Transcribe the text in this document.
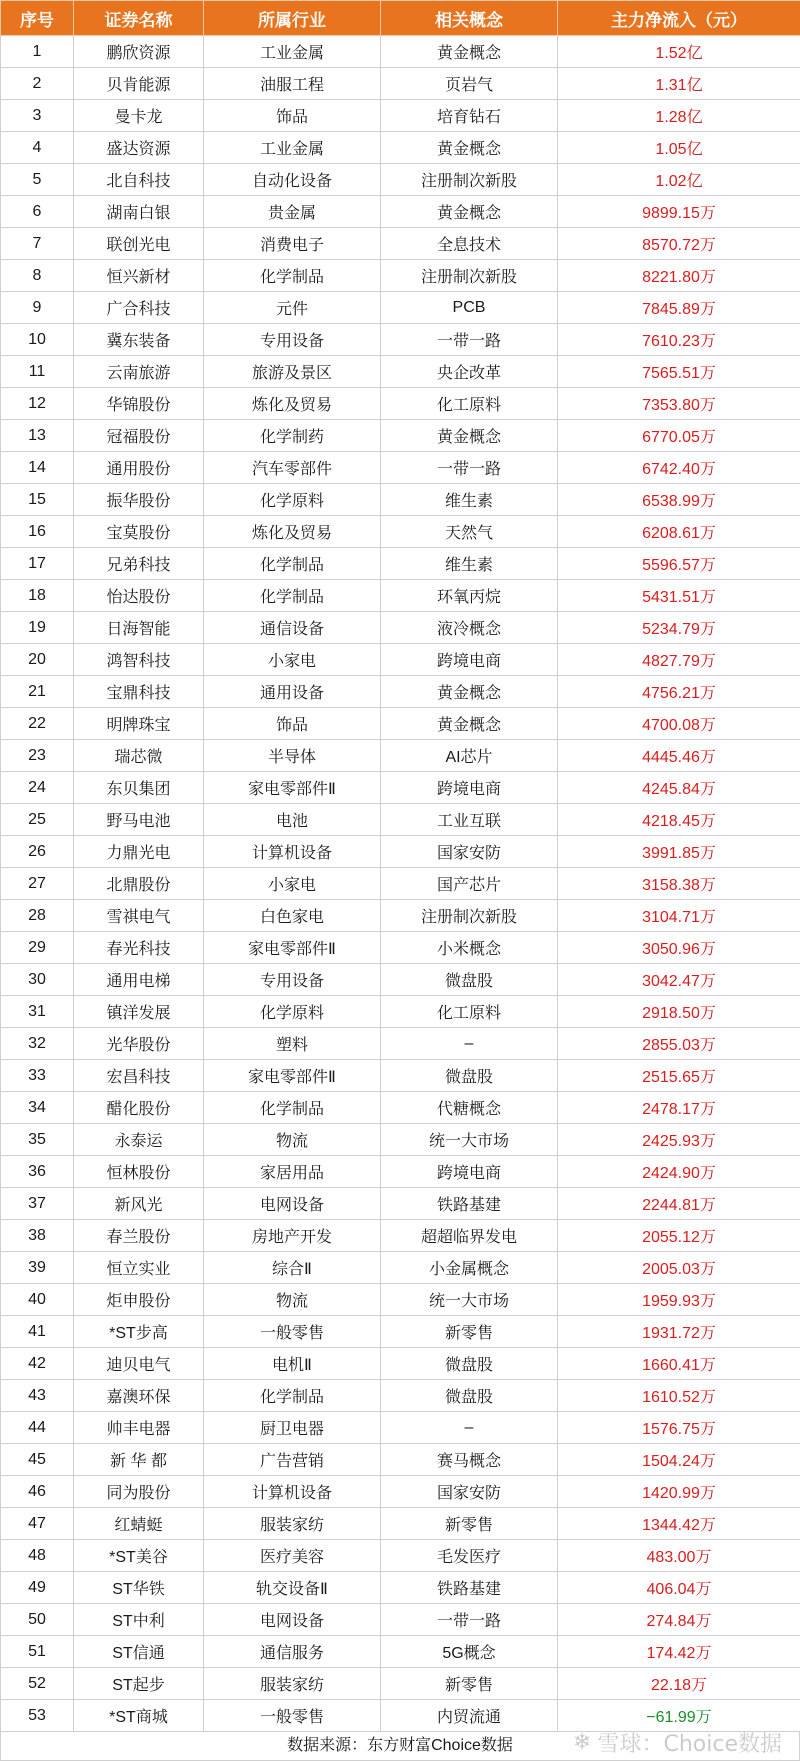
序号	证券名称	所属行业	相关概念	主力净流入（元）
1	鹏欣资源	工业金属	黄金概念	1.52亿
2	贝肯能源	油服工程	页岩气	1.31亿
3	曼卡龙	饰品	培育钻石	1.28亿
4	盛达资源	工业金属	黄金概念	1.05亿
5	北自科技	自动化设备	注册制次新股	1.02亿
6	湖南白银	贵金属	黄金概念	9899.15万
7	联创光电	消费电子	全息技术	8570.72万
8	恒兴新材	化学制品	注册制次新股	8221.80万
9	广合科技	元件	PCB	7845.89万
10	冀东装备	专用设备	一带一路	7610.23万
11	云南旅游	旅游及景区	央企改革	7565.51万
12	华锦股份	炼化及贸易	化工原料	7353.80万
13	冠福股份	化学制药	黄金概念	6770.05万
14	通用股份	汽车零部件	一带一路	6742.40万
15	振华股份	化学原料	维生素	6538.99万
16	宝莫股份	炼化及贸易	天然气	6208.61万
17	兄弟科技	化学制品	维生素	5596.57万
18	怡达股份	化学制品	环氧丙烷	5431.51万
19	日海智能	通信设备	液冷概念	5234.79万
20	鸿智科技	小家电	跨境电商	4827.79万
21	宝鼎科技	通用设备	黄金概念	4756.21万
22	明牌珠宝	饰品	黄金概念	4700.08万
23	瑞芯微	半导体	AI芯片	4445.46万
24	东贝集团	家电零部件Ⅱ	跨境电商	4245.84万
25	野马电池	电池	工业互联	4218.45万
26	力鼎光电	计算机设备	国家安防	3991.85万
27	北鼎股份	小家电	国产芯片	3158.38万
28	雪祺电气	白色家电	注册制次新股	3104.71万
29	春光科技	家电零部件Ⅱ	小米概念	3050.96万
30	通用电梯	专用设备	微盘股	3042.47万
31	镇洋发展	化学原料	化工原料	2918.50万
32	光华股份	塑料	–	2855.03万
33	宏昌科技	家电零部件Ⅱ	微盘股	2515.65万
34	醋化股份	化学制品	代糖概念	2478.17万
35	永泰运	物流	统一大市场	2425.93万
36	恒林股份	家居用品	跨境电商	2424.90万
37	新风光	电网设备	铁路基建	2244.81万
38	春兰股份	房地产开发	超超临界发电	2055.12万
39	恒立实业	综合Ⅱ	小金属概念	2005.03万
40	炬申股份	物流	统一大市场	1959.93万
41	*ST步高	一般零售	新零售	1931.72万
42	迪贝电气	电机Ⅱ	微盘股	1660.41万
43	嘉澳环保	化学制品	微盘股	1610.52万
44	帅丰电器	厨卫电器	–	1576.75万
45	新 华 都	广告营销	赛马概念	1504.24万
46	同为股份	计算机设备	国家安防	1420.99万
47	红蜻蜓	服装家纺	新零售	1344.42万
48	*ST美谷	医疗美容	毛发医疗	483.00万
49	ST华铁	轨交设备Ⅱ	铁路基建	406.04万
50	ST中利	电网设备	一带一路	274.84万
51	ST信通	通信服务	5G概念	174.42万
52	ST起步	服装家纺	新零售	22.18万
53	*ST商城	一般零售	内贸流通	−61.99万
数据来源：东方财富Choice数据	❄ 雪球：Choice数据
